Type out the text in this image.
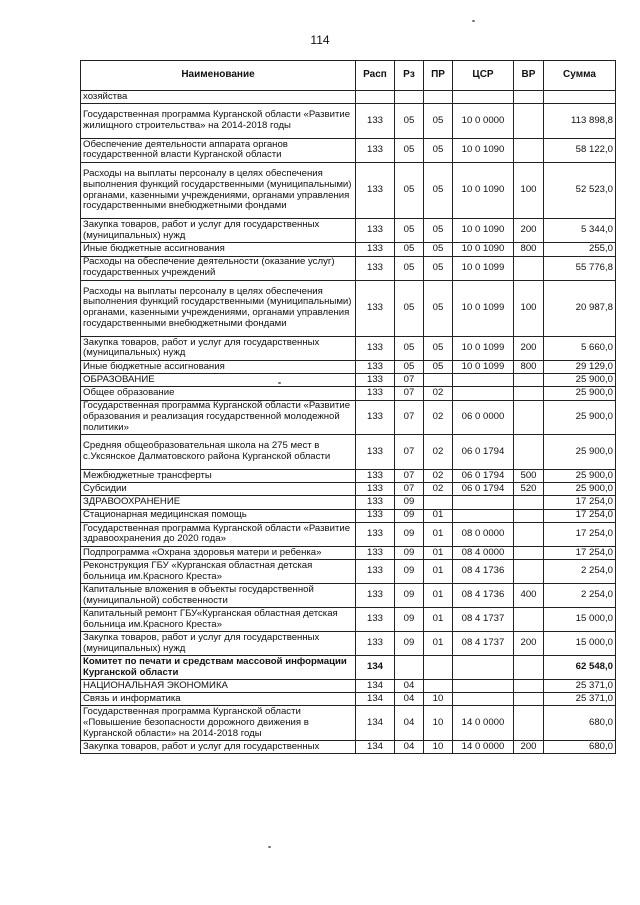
114
Наименование	Расп	Рз	ПР	ЦСР	ВР	Сумма
хозяйства						
Государственная программа Курганской области «Развитие жилищного строительства» на 2014-2018 годы	133	05	05	10 0 0000		113 898,8
Обеспечение деятельности аппарата органов государственной власти Курганской области	133	05	05	10 0 1090		58 122,0
Расходы на выплаты персоналу в целях обеспечения выполнения функций государственными (муниципальными) органами, казенными учреждениями, органами управления государственными внебюджетными фондами	133	05	05	10 0 1090	100	52 523,0
Закупка товаров, работ и услуг для государственных (муниципальных) нужд	133	05	05	10 0 1090	200	5 344,0
Иные бюджетные ассигнования	133	05	05	10 0 1090	800	255,0
Расходы на обеспечение деятельности (оказание услуг) государственных учреждений	133	05	05	10 0 1099		55 776,8
Расходы на выплаты персоналу в целях обеспечения выполнения функций государственными (муниципальными) органами, казенными учреждениями, органами управления государственными внебюджетными фондами	133	05	05	10 0 1099	100	20 987,8
Закупка товаров, работ и услуг для государственных (муниципальных) нужд	133	05	05	10 0 1099	200	5 660,0
Иные бюджетные ассигнования	133	05	05	10 0 1099	800	29 129,0
ОБРАЗОВАНИЕ	133	07				25 900,0
Общее образование	133	07	02			25 900,0
Государственная программа Курганской области «Развитие образования и реализация государственной молодежной политики»	133	07	02	06 0 0000		25 900,0
Средняя общеобразовательная школа на 275 мест в с.Уксянское Далматовского района Курганской области	133	07	02	06 0 1794		25 900,0
Межбюджетные трансферты	133	07	02	06 0 1794	500	25 900,0
Субсидии	133	07	02	06 0 1794	520	25 900,0
ЗДРАВООХРАНЕНИЕ	133	09				17 254,0
Стационарная медицинская помощь	133	09	01			17 254,0
Государственная программа Курганской области «Развитие здравоохранения до 2020 года»	133	09	01	08 0 0000		17 254,0
Подпрограмма «Охрана здоровья матери и ребенка»	133	09	01	08 4 0000		17 254,0
Реконструкция ГБУ «Курганская областная детская больница им.Красного Креста»	133	09	01	08 4 1736		2 254,0
Капитальные вложения в объекты государственной (муниципальной) собственности	133	09	01	08 4 1736	400	2 254,0
Капитальный ремонт ГБУ«Курганская областная детская больница им.Красного Креста»	133	09	01	08 4 1737		15 000,0
Закупка товаров, работ и услуг для государственных (муниципальных) нужд	133	09	01	08 4 1737	200	15 000,0
Комитет по печати и средствам массовой информации Курганской области	134					62 548,0
НАЦИОНАЛЬНАЯ ЭКОНОМИКА	134	04				25 371,0
Связь и информатика	134	04	10			25 371,0
Государственная программа Курганской области «Повышение безопасности дорожного движения в Курганской области» на 2014-2018 годы	134	04	10	14 0 0000		680,0
Закупка товаров, работ и услуг для государственных	134	04	10	14 0 0000	200	680,0
